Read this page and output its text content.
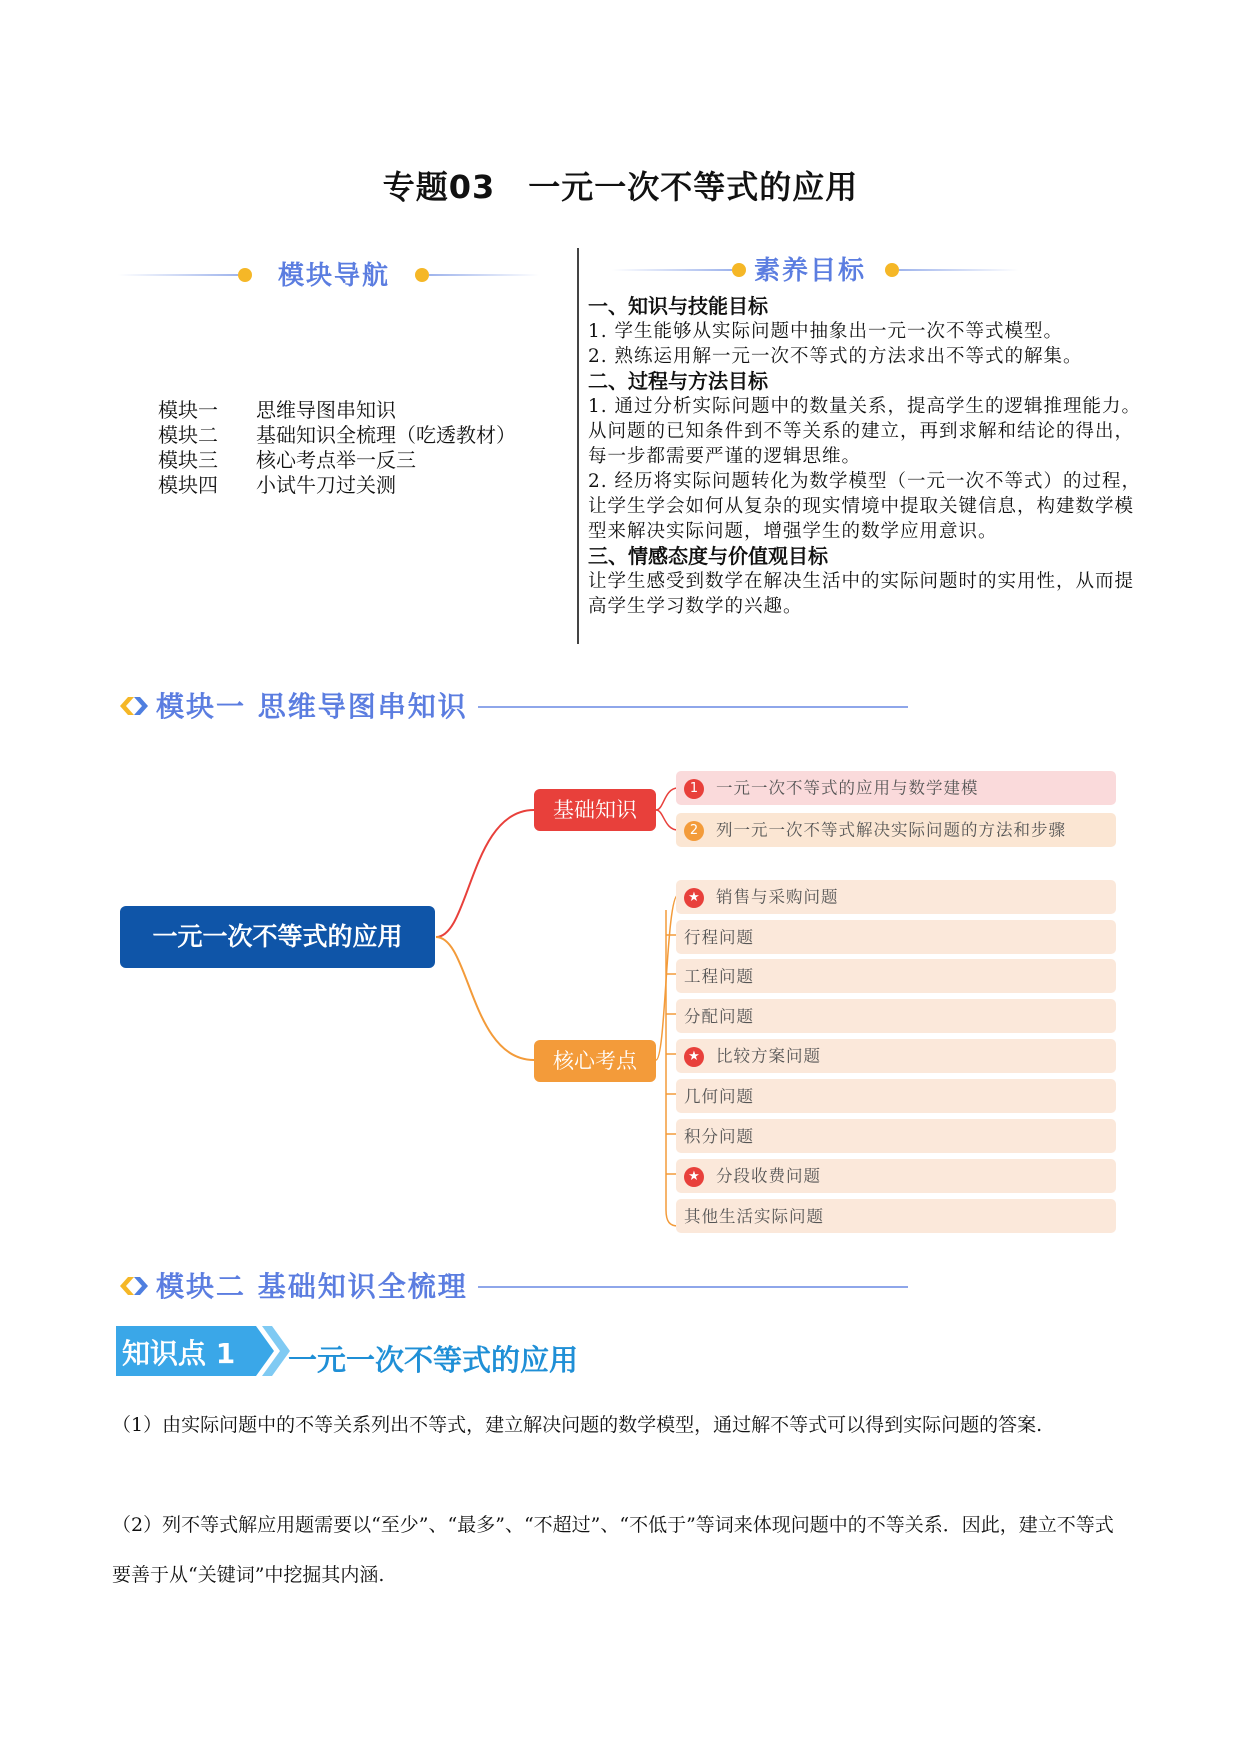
专题03　一元一次不等式的应用
模块导航	素养目标
模块一 思维导图串知识
模块二 基础知识全梳理（吃透教材）
模块三 核心考点举一反三
模块四 小试牛刀过关测
一、知识与技能目标
1. 学生能够从实际问题中抽象出一元一次不等式模型。
2. 熟练运用解一元一次不等式的方法求出不等式的解集。
二、过程与方法目标
1. 通过分析实际问题中的数量关系，提高学生的逻辑推理能力。从问题的已知条件到不等关系的建立，再到求解和结论的得出，每一步都需要严谨的逻辑思维。
2. 经历将实际问题转化为数学模型（一元一次不等式）的过程，让学生学会如何从复杂的现实情境中提取关键信息，构建数学模型来解决实际问题，增强学生的数学应用意识。
三、情感态度与价值观目标
让学生感受到数学在解决生活中的实际问题时的实用性，从而提高学生学习数学的兴趣。
模块一 思维导图串知识
一元一次不等式的应用
基础知识
核心考点
1 一元一次不等式的应用与数学建模
2 列一元一次不等式解决实际问题的方法和步骤
★ 销售与采购问题
行程问题
工程问题
分配问题
★ 比较方案问题
几何问题
积分问题
★ 分段收费问题
其他生活实际问题
模块二 基础知识全梳理
知识点 1 一元一次不等式的应用
（1）由实际问题中的不等关系列出不等式，建立解决问题的数学模型，通过解不等式可以得到实际问题的答案.
（2）列不等式解应用题需要以“至少”、“最多”、“不超过”、“不低于”等词来体现问题中的不等关系．因此，建立不等式要善于从“关键词”中挖掘其内涵.
